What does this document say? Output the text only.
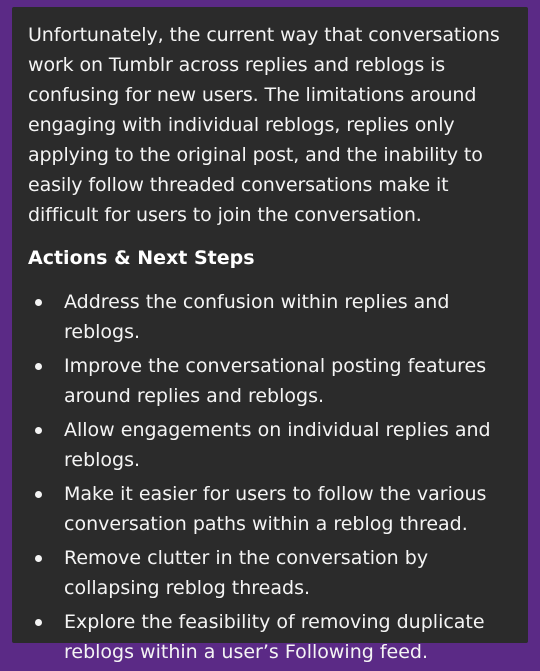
Unfortunately, the current way that conversations work on Tumblr across replies and reblogs is confusing for new users. The limitations around engaging with individual reblogs, replies only applying to the original post, and the inability to easily follow threaded conversations make it difficult for users to join the conversation.

Actions & Next Steps
Address the confusion within replies and reblogs.
Improve the conversational posting features around replies and reblogs.
Allow engagements on individual replies and reblogs.
Make it easier for users to follow the various conversation paths within a reblog thread.
Remove clutter in the conversation by collapsing reblog threads.
Explore the feasibility of removing duplicate reblogs within a user’s Following feed.
